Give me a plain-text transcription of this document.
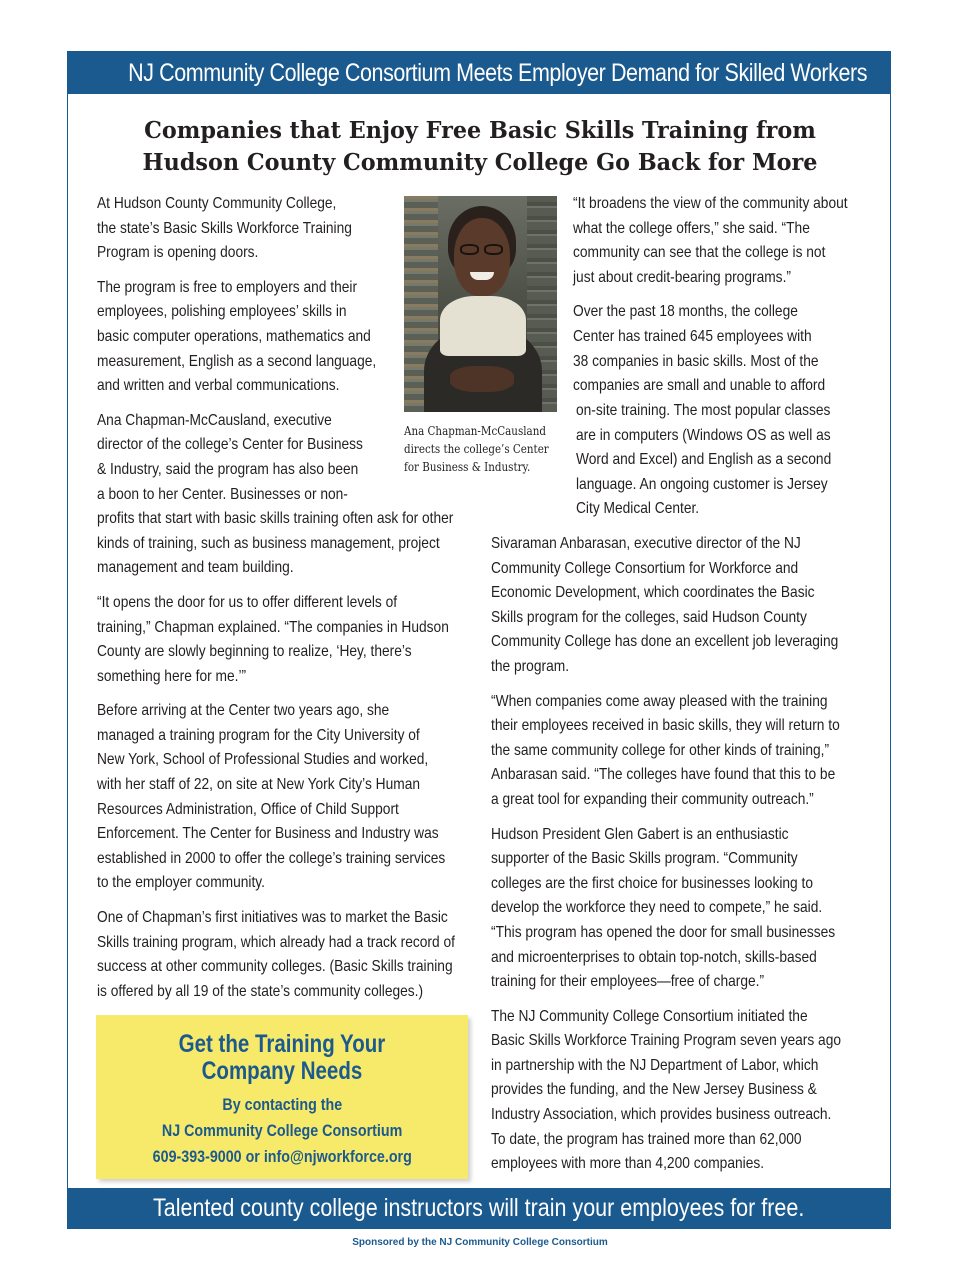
NJ Community College Consortium Meets Employer Demand for Skilled Workers
Talented county college instructors will train your employees for free.
Companies that Enjoy Free Basic Skills Training from
Hudson County Community College Go Back for More

At Hudson County Community College,
the state’s Basic Skills Workforce Training
Program is opening doors.

The program is free to employers and their
employees, polishing employees’ skills in
basic computer operations, mathematics and
measurement, English as a second language,
and written and verbal communications.

Ana Chapman-McCausland, executive
director of the college’s Center for Business
& Industry, said the program has also been
a boon to her Center. Businesses or non-
profits that start with basic skills training often ask for other
kinds of training, such as business management, project
management and team building.

“It opens the door for us to offer different levels of
training,” Chapman explained. “The companies in Hudson
County are slowly beginning to realize, ‘Hey, there’s
something here for me.’”

Before arriving at the Center two years ago, she
managed a training program for the City University of
New York, School of Professional Studies and worked,
with her staff of 22, on site at New York City’s Human
Resources Administration, Office of Child Support
Enforcement. The Center for Business and Industry was
established in 2000 to offer the college’s training services
to the employer community.

One of Chapman’s first initiatives was to market the Basic
Skills training program, which already had a track record of
success at other community colleges. (Basic Skills training
is offered by all 19 of the state’s community colleges.)

Ana Chapman-McCausland
directs the college’s Center
for Business & Industry.

“It broadens the view of the community about
what the college offers,” she said. “The
community can see that the college is not
just about credit-bearing programs.”

Over the past 18 months, the college
Center has trained 645 employees with
38 companies in basic skills. Most of the
companies are small and unable to afford

on-site training. The most popular classes
are in computers (Windows OS as well as
Word and Excel) and English as a second
language. An ongoing customer is Jersey
City Medical Center.

Sivaraman Anbarasan, executive director of the NJ
Community College Consortium for Workforce and
Economic Development, which coordinates the Basic
Skills program for the colleges, said Hudson County
Community College has done an excellent job leveraging
the program.

“When companies come away pleased with the training
their employees received in basic skills, they will return to
the same community college for other kinds of training,”
Anbarasan said. “The colleges have found that this to be
a great tool for expanding their community outreach.”

Hudson President Glen Gabert is an enthusiastic
supporter of the Basic Skills program. “Community
colleges are the first choice for businesses looking to
develop the workforce they need to compete,” he said.
“This program has opened the door for small businesses
and microenterprises to obtain top-notch, skills-based
training for their employees—free of charge.”

The NJ Community College Consortium initiated the
Basic Skills Workforce Training Program seven years ago
in partnership with the NJ Department of Labor, which
provides the funding, and the New Jersey Business &
Industry Association, which provides business outreach.
To date, the program has trained more than 62,000
employees with more than 4,200 companies.

Get the Training Your
Company Needs
By contacting the
NJ Community College Consortium
609-393-9000 or info@njworkforce.org
Sponsored by the NJ Community College Consortium
